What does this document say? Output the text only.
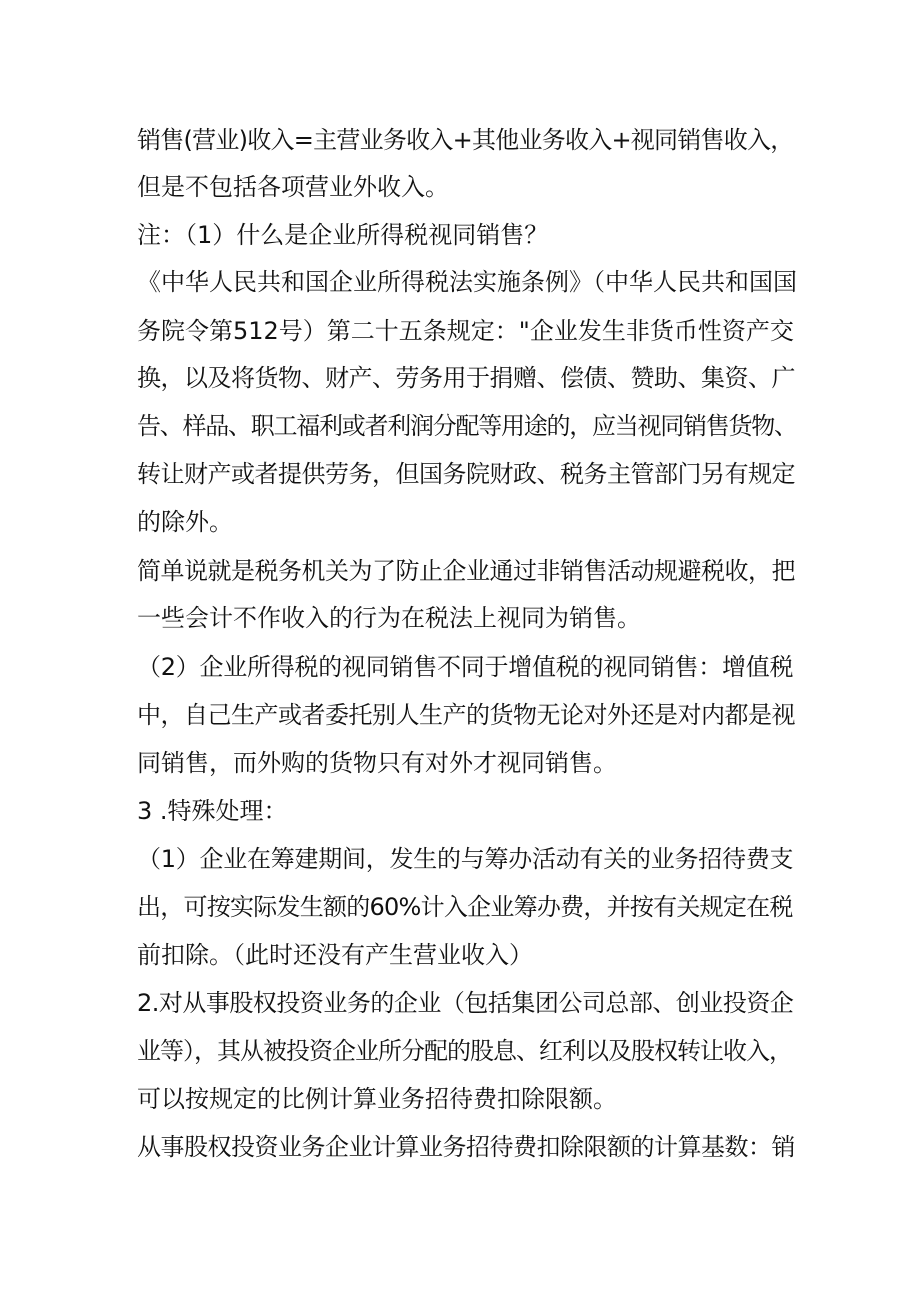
销售(营业)收入=主营业务收入+其他业务收入+视同销售收入，
但是不包括各项营业外收入。
注：（1）什么是企业所得税视同销售？
《中华人民共和国企业所得税法实施条例》（中华人民共和国国
务院令第512号）第二十五条规定："企业发生非货币性资产交
换，以及将货物、财产、劳务用于捐赠、偿债、赞助、集资、广
告、样品、职工福利或者利润分配等用途的，应当视同销售货物、
转让财产或者提供劳务，但国务院财政、税务主管部门另有规定
的除外。
简单说就是税务机关为了防止企业通过非销售活动规避税收，把
一些会计不作收入的行为在税法上视同为销售。
（2）企业所得税的视同销售不同于增值税的视同销售：增值税
中，自己生产或者委托别人生产的货物无论对外还是对内都是视
同销售，而外购的货物只有对外才视同销售。
3 .特殊处理：
（1）企业在筹建期间，发生的与筹办活动有关的业务招待费支
出，可按实际发生额的60%计入企业筹办费，并按有关规定在税
前扣除。（此时还没有产生营业收入）
2.对从事股权投资业务的企业（包括集团公司总部、创业投资企
业等），其从被投资企业所分配的股息、红利以及股权转让收入，
可以按规定的比例计算业务招待费扣除限额。
从事股权投资业务企业计算业务招待费扣除限额的计算基数：销
